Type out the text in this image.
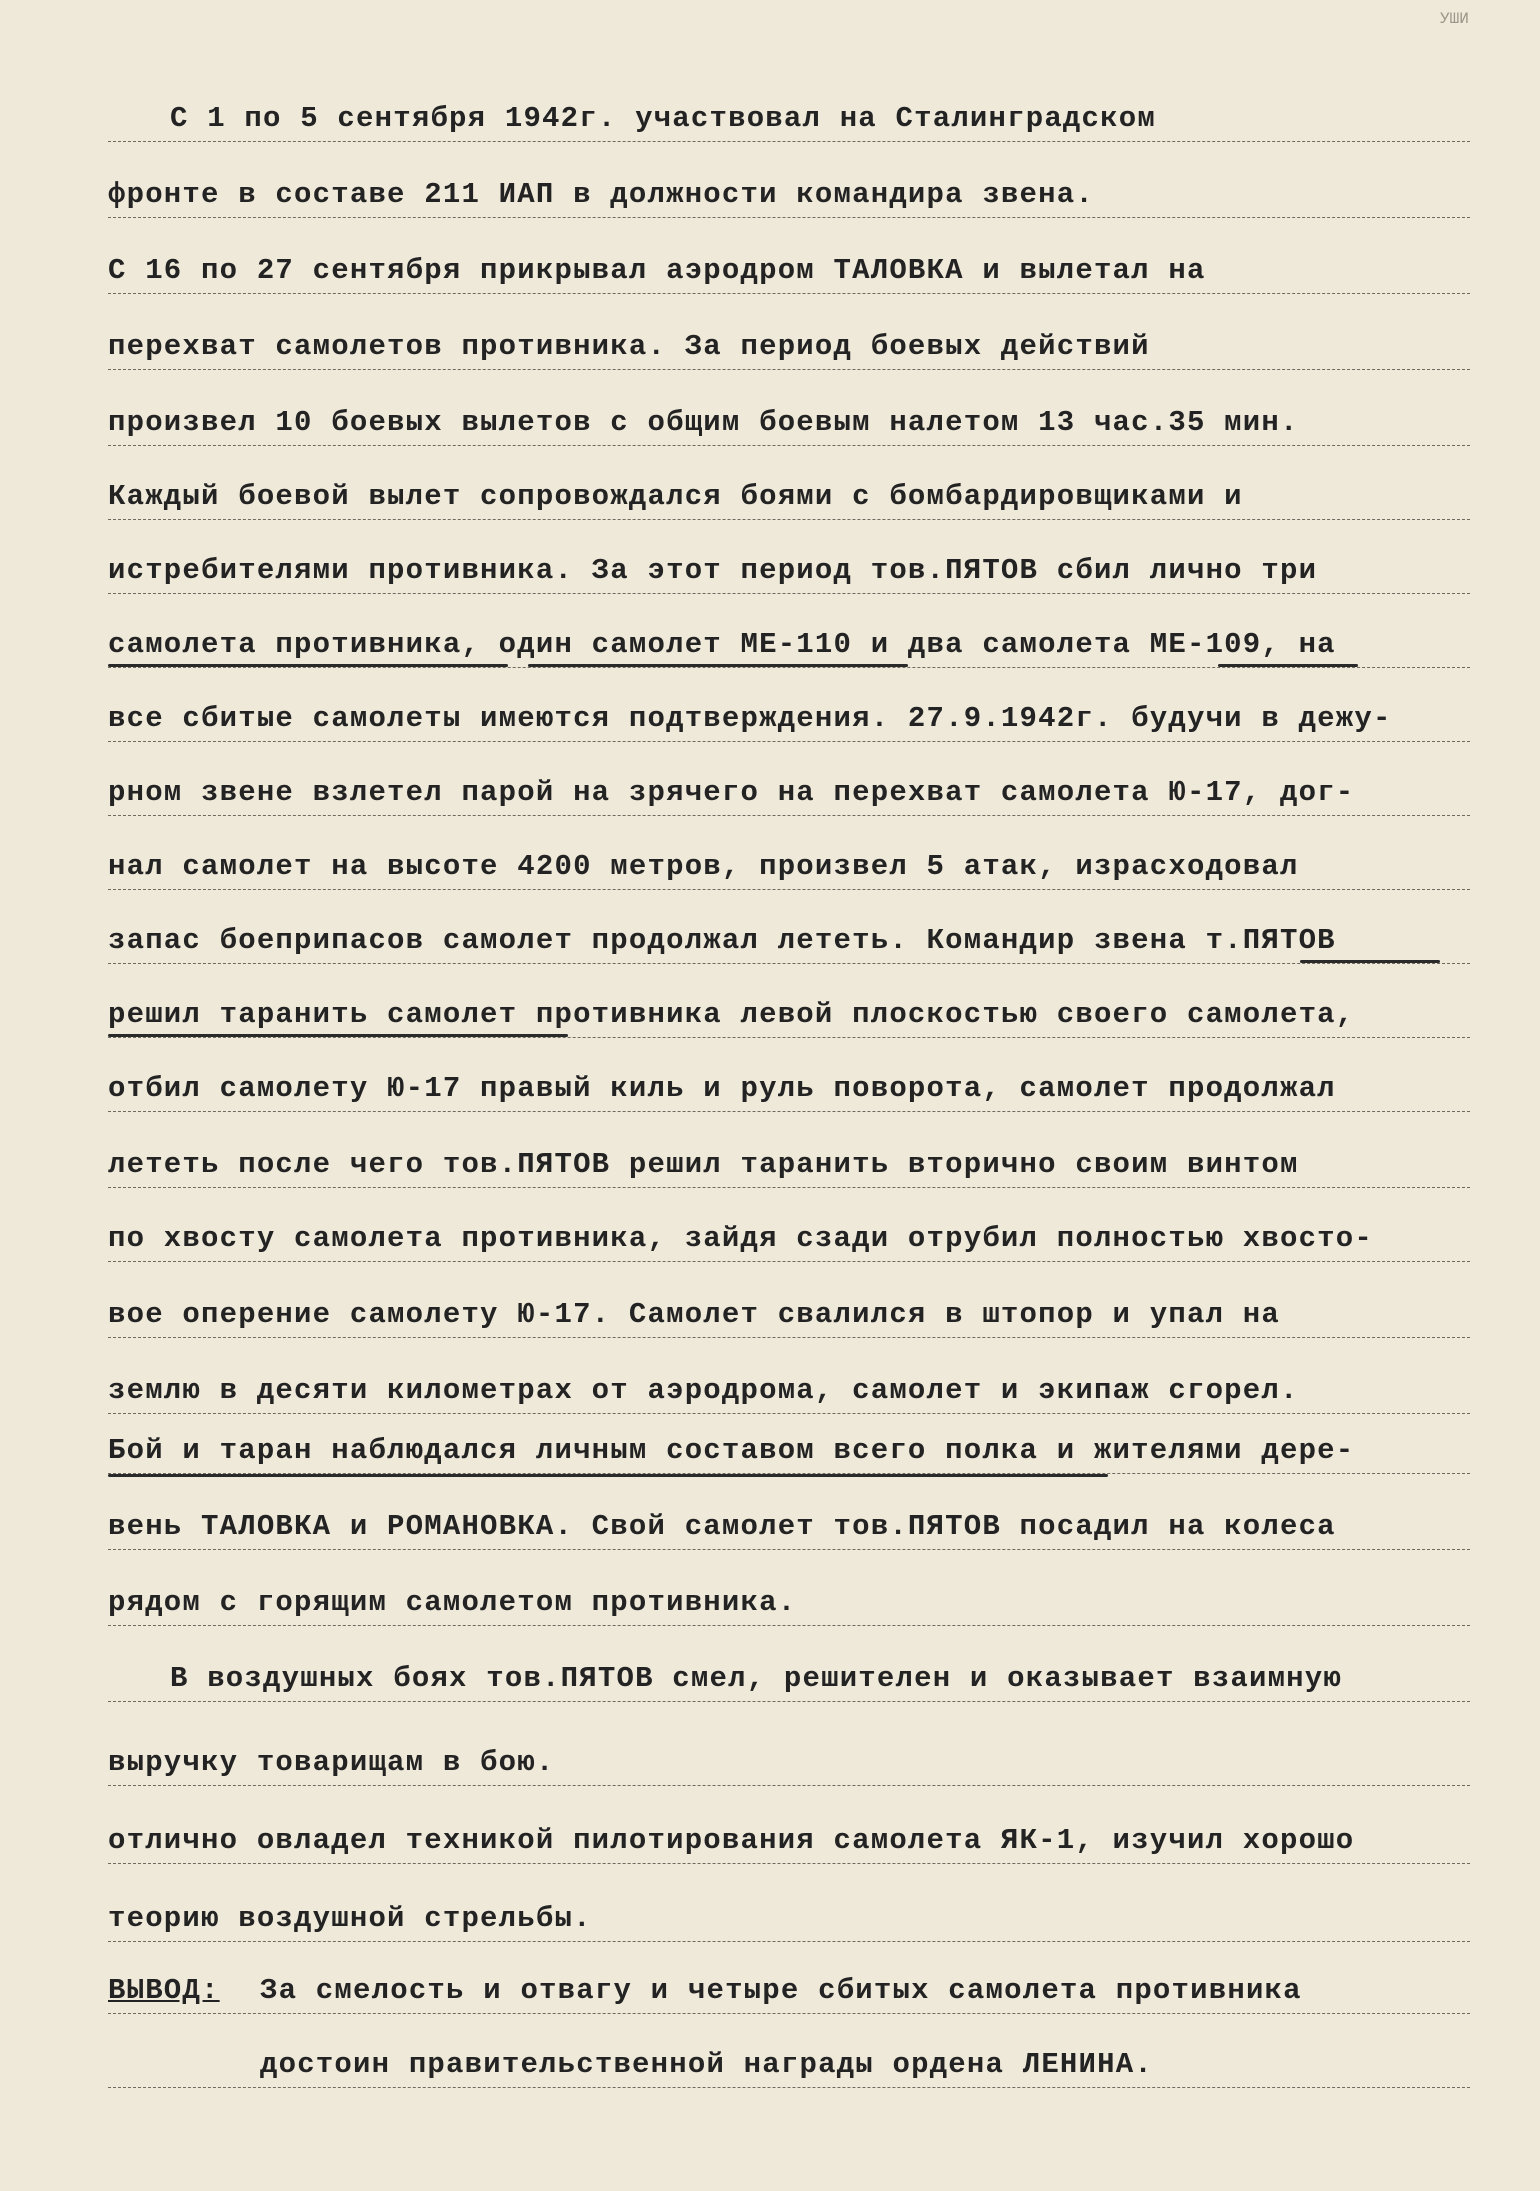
УШИ
С 1 по 5 сентября 1942г. участвовал на Сталинградском
фронте в составе 211 ИАП в должности командира звена.
С 16 по 27 сентября прикрывал аэродром ТАЛОВКА и вылетал на
перехват самолетов противника. За период боевых действий
произвел 10 боевых вылетов с общим боевым налетом 13 час.35 мин.
Каждый боевой вылет сопровождался боями с бомбардировщиками и
истребителями противника. За этот период тов.ПЯТОВ сбил лично три
самолета противника, один самолет МЕ-110 и два самолета МЕ-109, на
все сбитые самолеты имеются подтверждения. 27.9.1942г. будучи в дежу-
рном звене взлетел парой на зрячего на перехват самолета Ю-17, дог-
нал самолет на высоте 4200 метров, произвел 5 атак, израсходовал
запас боеприпасов самолет продолжал лететь. Командир звена т.ПЯТОВ
решил таранить самолет противника левой плоскостью своего самолета,
отбил самолету Ю-17 правый киль и руль поворота, самолет продолжал
лететь после чего тов.ПЯТОВ решил таранить вторично своим винтом
по хвосту самолета противника, зайдя сзади отрубил полностью хвосто-
вое оперение самолету Ю-17. Самолет свалился в штопор и упал на
землю в десяти километрах от аэродрома, самолет и экипаж сгорел.
Бой и таран наблюдался личным составом всего полка и жителями дере-
вень ТАЛОВКА и РОМАНОВКА. Свой самолет тов.ПЯТОВ посадил на колеса
рядом с горящим самолетом противника.
В воздушных боях тов.ПЯТОВ смел, решителен и оказывает взаимную
выручку товарищам в бою.
отлично овладел техникой пилотирования самолета ЯК-1, изучил хорошо
теорию воздушной стрельбы.
ВЫВОД: За смелость и отвагу и четыре сбитых самолета противника
достоин правительственной награды ордена ЛЕНИНА.
